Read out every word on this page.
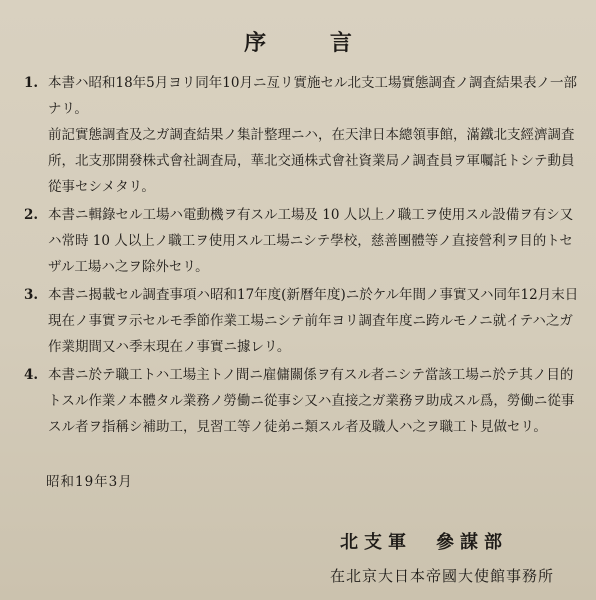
序 言
1. 本書ハ昭和18年5月ヨリ同年10月ニ亙リ實施セル北支工場實態調査ノ調査結果表ノ一部ナリ。
前記實態調査及之ガ調査結果ノ集計整理ニハ，在天津日本總領事館，滿鐵北支經濟調査所，北支那開發株式會社調査局，華北交通株式會社資業局ノ調査員ヲ軍囑託トシテ動員從事セシメタリ。
2. 本書ニ輯錄セル工場ハ電動機ヲ有スル工場及 10 人以上ノ職工ヲ使用スル設備ヲ有シ又ハ常時 10 人以上ノ職工ヲ使用スル工場ニシテ學校，慈善團體等ノ直接營利ヲ目的トセザル工場ハ之ヲ除外セリ。
3. 本書ニ揭載セル調査事項ハ昭和17年度(新曆年度)ニ於ケル年間ノ事實又ハ同年12月末日現在ノ事實ヲ示セルモ季節作業工場ニシテ前年ヨリ調査年度ニ跨ルモノニ就イテハ之ガ作業期間又ハ季末現在ノ事實ニ據レリ。
4. 本書ニ於テ職工トハ工場主トノ間ニ雇傭關係ヲ有スル者ニシテ當該工場ニ於テ其ノ目的トスル作業ノ本體タル業務ノ勞働ニ從事シ又ハ直接之ガ業務ヲ助成スル爲，勞働ニ從事スル者ヲ指稱シ補助工，見習工等ノ徒弟ニ類スル者及職人ハ之ヲ職工ト見做セリ。
昭和19年3月
北支軍　參謀部
在北京大日本帝國大使館事務所
